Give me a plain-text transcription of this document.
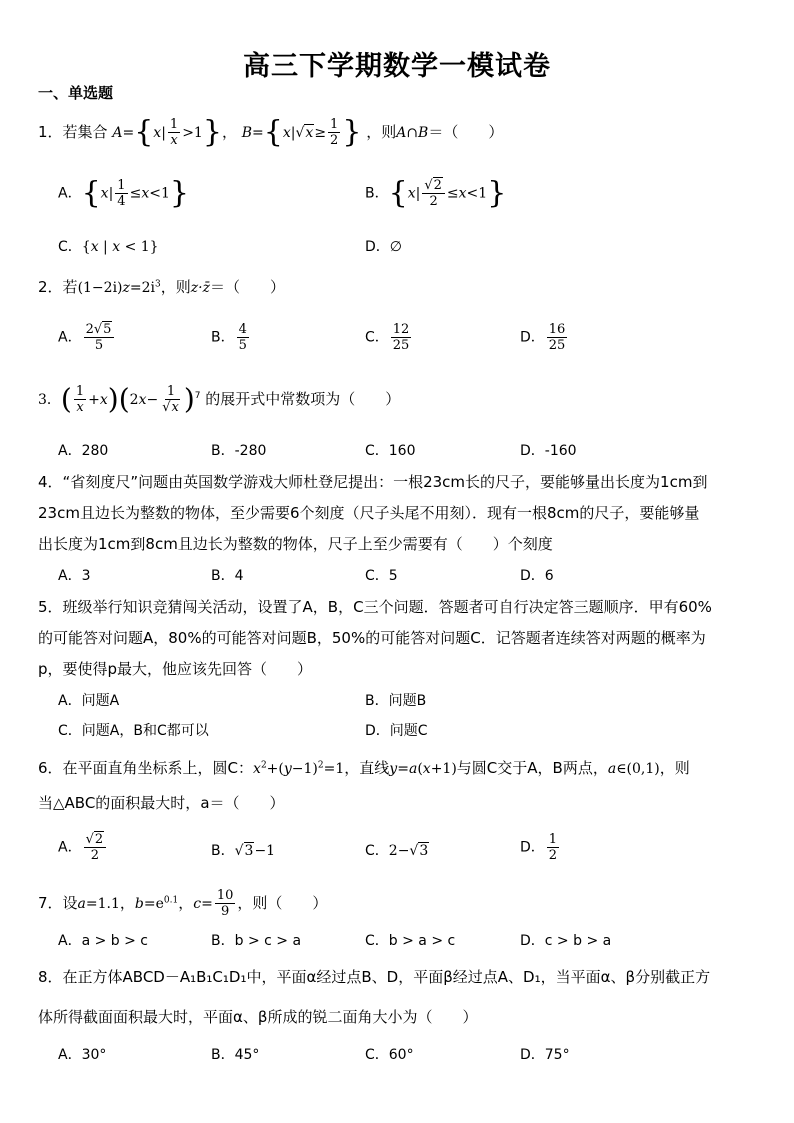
高三下学期数学一模试卷
一、单选题
1．若集合 $A=\{x| \frac{1}{x} >1\}$， $B=\{x|√x\ge \frac{1}{2}$ } ，则A∩B＝（　　）
A．$\{x| \frac{1}{4} \le x<1\}$	B．$\{x| \frac{√2}{2} \le x<1\}$
C．{x | x < 1}	D．∅
2．若$(1-2i)z=2i^3$，则z·z̄＝（　　）
A． $\frac{2√5}{5}$	B． $\frac{4}{5}$	C． $\frac{12}{25}$	D． $\frac{16}{25}$
3．( $\frac{1}{x} +x)(2x- \frac{1}{√x} )^7$ 的展开式中常数项为（　　）
A．280	B．-280	C．160	D．-160
4．“省刻度尺”问题由英国数学游戏大师杜登尼提出：一根23cm长的尺子，要能够量出长度为1cm到
23cm且边长为整数的物体，至少需要6个刻度（尺子头尾不用刻）．现有一根8cm的尺子，要能够量
出长度为1cm到8cm且边长为整数的物体，尺子上至少需要有（　　）个刻度
A．3	B．4	C．5	D．6
5．班级举行知识竞猜闯关活动，设置了A，B，C三个问题．答题者可自行决定答三题顺序．甲有60%
的可能答对问题A，80%的可能答对问题B，50%的可能答对问题C．记答题者连续答对两题的概率为
p，要使得p最大，他应该先回答（　　）
A．问题A	B．问题B
C．问题A，B和C都可以	D．问题C
6．在平面直角坐标系上，圆C：$x^2+(y-1)^2=1$，直线y=a(x+1)与圆C交于A，B两点，a∈(0,1)，则
当△ABC的面积最大时，a＝（　　）
A． $\frac{√2}{2}$	B．√3−1	C．2−√3	D． $\frac{1}{2}$
7．设a=1.1，$b=e^{0.1}$，$c= \frac{10}{9}$ ，则（　　）
A．a > b > c	B．b > c > a	C．b > a > c	D．c > b > a
8．在正方体ABCD－A₁B₁C₁D₁中，平面α经过点B、D，平面β经过点A、D₁，当平面α、β分别截正方
体所得截面面积最大时，平面α、β所成的锐二面角大小为（　　）
A．30°	B．45°	C．60°	D．75°
